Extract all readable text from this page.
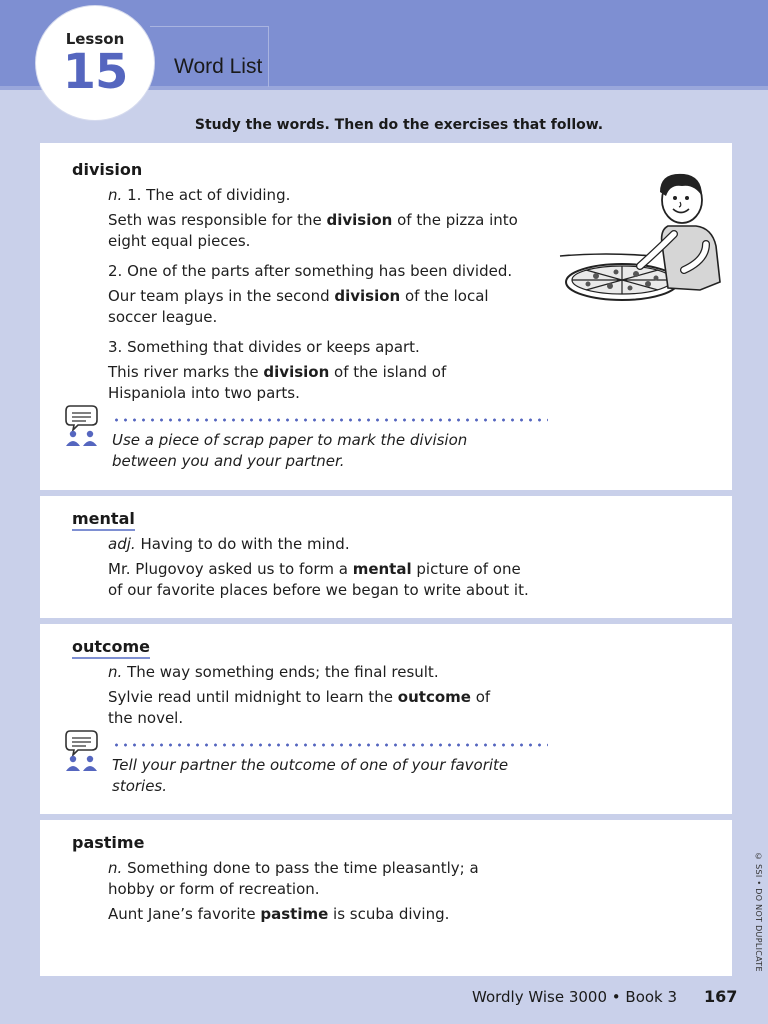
Lesson
15	Word List
Study the words. Then do the exercises that follow.
division
n. 1. The act of dividing.
Seth was responsible for the division of the pizza into
eight equal pieces.
2. One of the parts after something has been divided.
Our team plays in the second division of the local
soccer league.
3. Something that divides or keeps apart.
This river marks the division of the island of
Hispaniola into two parts.
Use a piece of scrap paper to mark the division
between you and your partner.
mental
adj. Having to do with the mind.
Mr. Plugovoy asked us to form a mental picture of one
of our favorite places before we began to write about it.
outcome
n. The way something ends; the final result.
Sylvie read until midnight to learn the outcome of
the novel.
Tell your partner the outcome of one of your favorite
stories.
pastime
n. Something done to pass the time pleasantly; a
hobby or form of recreation.
Aunt Jane’s favorite pastime is scuba diving.	© SSI • DO NOT DUPLICATE
Wordly Wise 3000 • Book 3 167
